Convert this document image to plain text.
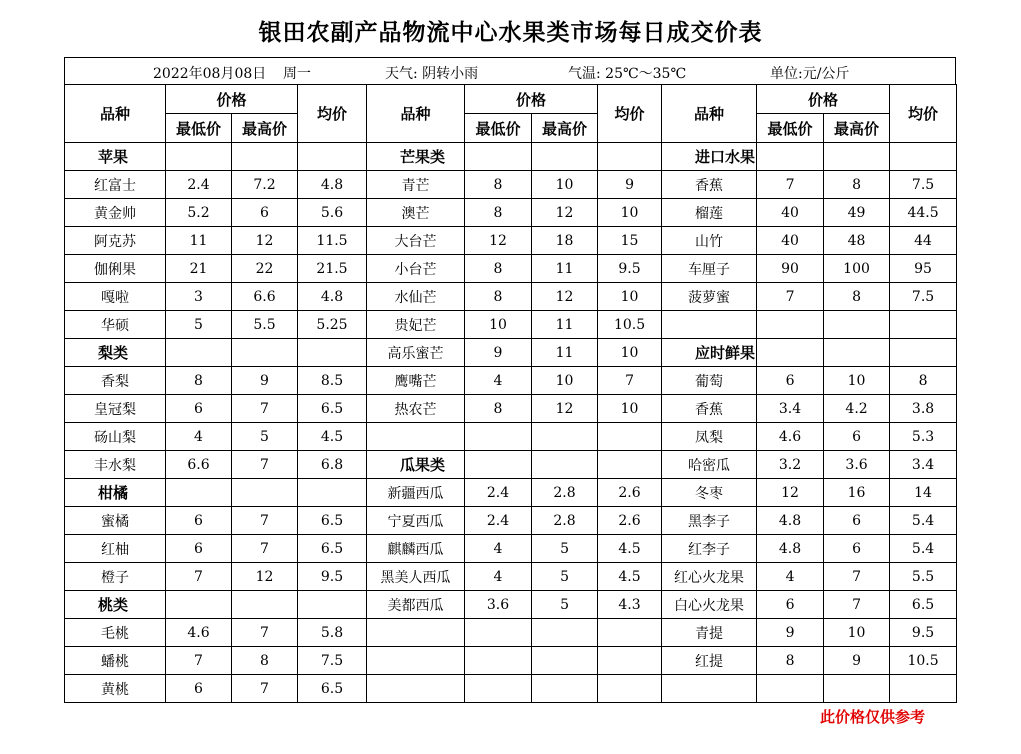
银田农副产品物流中心水果类市场每日成交价表
2022年08月08日 周一	天气: 阴转小雨	气温: 25℃～35℃	单位:元/公斤
品种	价格		均价	品种	价格		均价	品种	价格		均价
	最低价	最高价			最低价	最高价			最低价	最高价	
苹果				芒果类				进口水果			
红富士	2.4	7.2	4.8	青芒	8	10	9	香蕉	7	8	7.5
黄金帅	5.2	6	5.6	澳芒	8	12	10	榴莲	40	49	44.5
阿克苏	11	12	11.5	大台芒	12	18	15	山竹	40	48	44
伽俐果	21	22	21.5	小台芒	8	11	9.5	车厘子	90	100	95
嘎啦	3	6.6	4.8	水仙芒	8	12	10	菠萝蜜	7	8	7.5
华硕	5	5.5	5.25	贵妃芒	10	11	10.5				
梨类				高乐蜜芒	9	11	10	应时鲜果			
香梨	8	9	8.5	鹰嘴芒	4	10	7	葡萄	6	10	8
皇冠梨	6	7	6.5	热农芒	8	12	10	香蕉	3.4	4.2	3.8
砀山梨	4	5	4.5					凤梨	4.6	6	5.3
丰水梨	6.6	7	6.8	瓜果类				哈密瓜	3.2	3.6	3.4
柑橘				新疆西瓜	2.4	2.8	2.6	冬枣	12	16	14
蜜橘	6	7	6.5	宁夏西瓜	2.4	2.8	2.6	黑李子	4.8	6	5.4
红柚	6	7	6.5	麒麟西瓜	4	5	4.5	红李子	4.8	6	5.4
橙子	7	12	9.5	黑美人西瓜	4	5	4.5	红心火龙果	4	7	5.5
桃类				美都西瓜	3.6	5	4.3	白心火龙果	6	7	6.5
毛桃	4.6	7	5.8					青提	9	10	9.5
蟠桃	7	8	7.5					红提	8	9	10.5
黄桃	6	7	6.5								
此价格仅供参考
